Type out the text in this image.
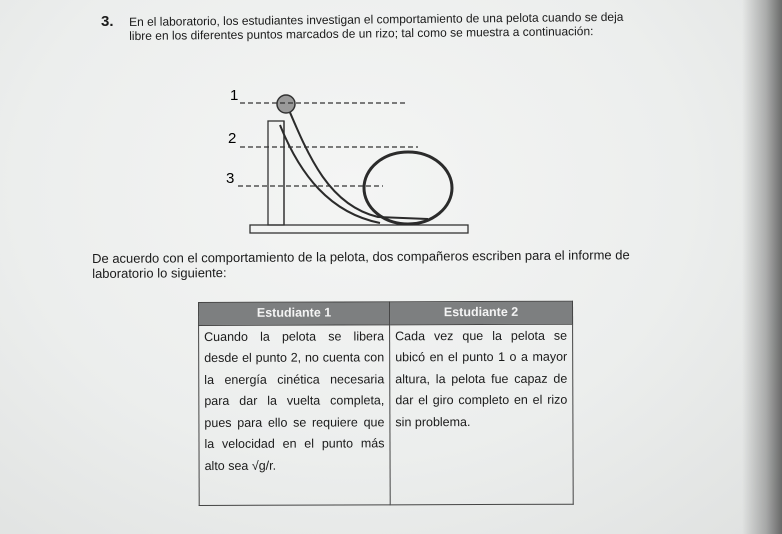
3. En el laboratorio, los estudiantes investigan el comportamiento de una pelota cuando se deja libre en los diferentes puntos marcados de un rizo; tal como se muestra a continuación:
1
2
3
De acuerdo con el comportamiento de la pelota, dos compañeros escriben para el informe de laboratorio lo siguiente:
Estudiante 1	Estudiante 2
Cuando la pelota se libera desde el punto 2, no cuenta con la energía cinética necesaria para dar la vuelta completa, pues para ello se requiere que la velocidad en el punto más alto sea √g/r.	Cada vez que la pelota se ubicó en el punto 1 o a mayor altura, la pelota fue capaz de dar el giro completo en el rizo sin problema.
